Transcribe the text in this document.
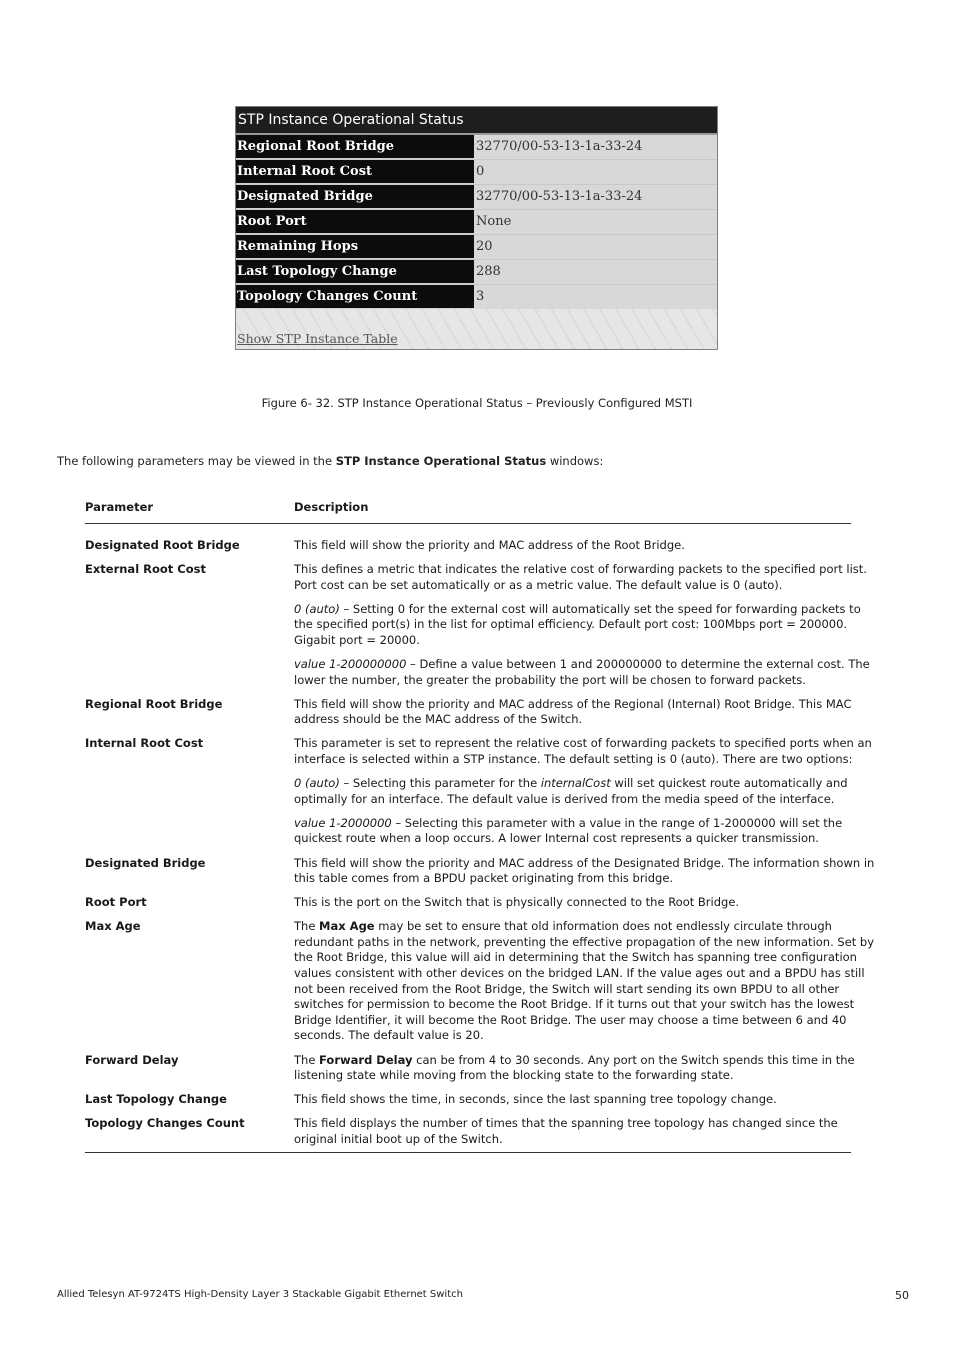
STP Instance Operational Status
Regional Root Bridge	32770/00-53-13-1a-33-24
Internal Root Cost	0
Designated Bridge	32770/00-53-13-1a-33-24
Root Port	None
Remaining Hops	20
Last Topology Change	288
Topology Changes Count	3
Show STP Instance Table
Figure 6- 32. STP Instance Operational Status – Previously Configured MSTI
The following parameters may be viewed in the STP Instance Operational Status windows:
Parameter	Description
Designated Root Bridge	This field will show the priority and MAC address of the Root Bridge.

External Root Cost	This defines a metric that indicates the relative cost of forwarding packets to the specified port list. Port cost can be set automatically or as a metric value. The default value is 0 (auto).

0 (auto) – Setting 0 for the external cost will automatically set the speed for forwarding packets to the specified port(s) in the list for optimal efficiency. Default port cost: 100Mbps port = 200000. Gigabit port = 20000.

value 1-200000000 – Define a value between 1 and 200000000 to determine the external cost. The lower the number, the greater the probability the port will be chosen to forward packets.

Regional Root Bridge	This field will show the priority and MAC address of the Regional (Internal) Root Bridge. This MAC address should be the MAC address of the Switch.

Internal Root Cost	This parameter is set to represent the relative cost of forwarding packets to specified ports when an interface is selected within a STP instance. The default setting is 0 (auto). There are two options:

0 (auto) – Selecting this parameter for the internalCost will set quickest route automatically and optimally for an interface. The default value is derived from the media speed of the interface.

value 1-2000000 – Selecting this parameter with a value in the range of 1-2000000 will set the quickest route when a loop occurs. A lower Internal cost represents a quicker transmission.

Designated Bridge	This field will show the priority and MAC address of the Designated Bridge. The information shown in this table comes from a BPDU packet originating from this bridge.

Root Port	This is the port on the Switch that is physically connected to the Root Bridge.

Max Age	The Max Age may be set to ensure that old information does not endlessly circulate through redundant paths in the network, preventing the effective propagation of the new information. Set by the Root Bridge, this value will aid in determining that the Switch has spanning tree configuration values consistent with other devices on the bridged LAN. If the value ages out and a BPDU has still not been received from the Root Bridge, the Switch will start sending its own BPDU to all other switches for permission to become the Root Bridge. If it turns out that your switch has the lowest Bridge Identifier, it will become the Root Bridge. The user may choose a time between 6 and 40 seconds. The default value is 20.

Forward Delay	The Forward Delay can be from 4 to 30 seconds. Any port on the Switch spends this time in the listening state while moving from the blocking state to the forwarding state.

Last Topology Change	This field shows the time, in seconds, since the last spanning tree topology change.

Topology Changes Count	This field displays the number of times that the spanning tree topology has changed since the original initial boot up of the Switch.

Allied Telesyn AT-9724TS High-Density Layer 3 Stackable Gigabit Ethernet Switch	50
